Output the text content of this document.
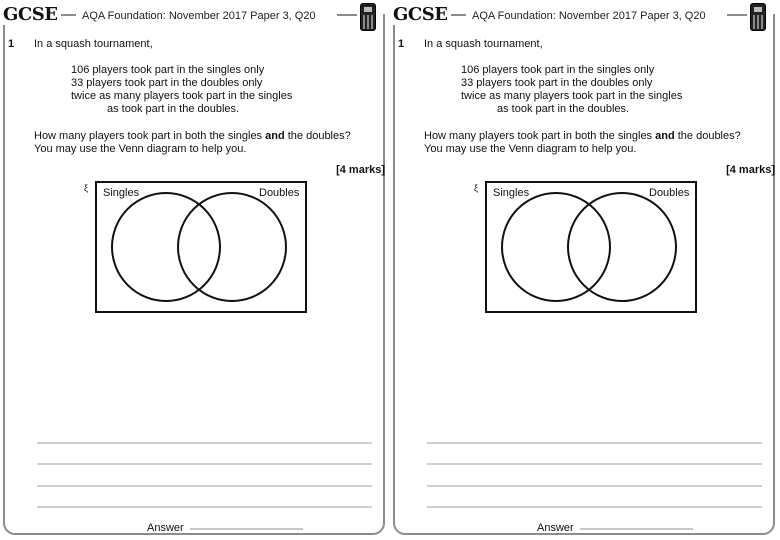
GCSE	AQA Foundation: November 2017 Paper 3, Q20
1 In a squash tournament,
106 players took part in the singles only
33 players took part in the doubles only
twice as many players took part in the singles
as took part in the doubles.
How many players took part in both the singles and the doubles?
You may use the Venn diagram to help you.
[4 marks]
ξ Singles	Doubles
Answer
GCSE	AQA Foundation: November 2017 Paper 3, Q20
1 In a squash tournament,
106 players took part in the singles only
33 players took part in the doubles only
twice as many players took part in the singles
as took part in the doubles.
How many players took part in both the singles and the doubles?
You may use the Venn diagram to help you.
[4 marks]
ξ Singles	Doubles
Answer
